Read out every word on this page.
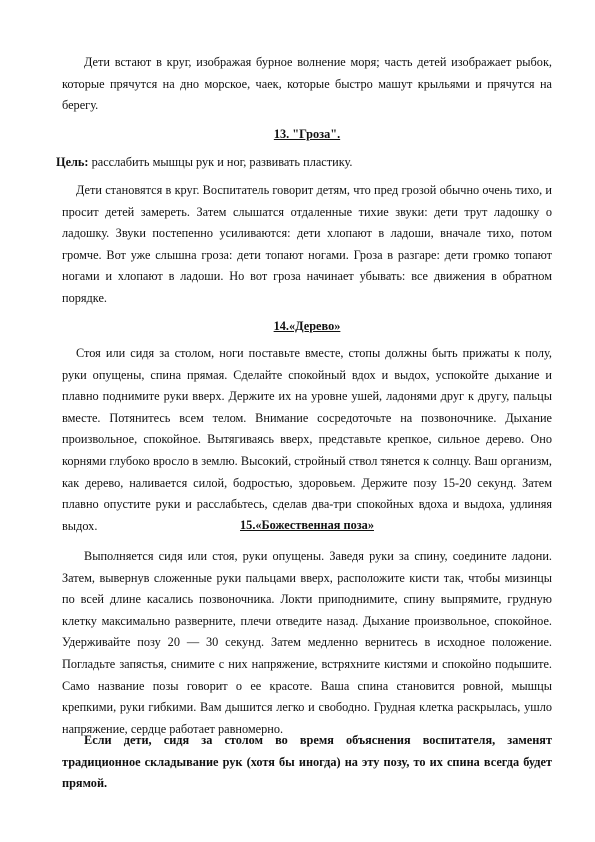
Дети встают в круг, изображая бурное волнение моря; часть детей изображает рыбок, которые прячутся на дно морское, чаек, которые быстро машут крыльями и прячутся на берегу.

13. "Гроза".

Цель: расслабить мышцы рук и ног, развивать пластику.

Дети становятся в круг. Воспитатель говорит детям, что пред грозой обычно очень тихо, и просит детей замереть. Затем слышатся отдаленные тихие звуки: дети трут ладошку о ладошку. Звуки постепенно усиливаются: дети хлопают в ладоши, вначале тихо, потом громче. Вот уже слышна гроза: дети топают ногами. Гроза в разгаре: дети громко топают ногами и хлопают в ладоши. Но вот гроза начинает убывать: все движения в обратном порядке.

14.«Дерево»

Стоя или сидя за столом, ноги поставьте вместе, стопы должны быть прижаты к полу, руки опущены, спина прямая. Сделайте спокойный вдох и выдох, успокойте дыхание и плавно поднимите руки вверх. Держите их на уровне ушей, ладонями друг к другу, пальцы вместе. Потянитесь всем телом. Внимание сосредоточьте на позвоночнике. Дыхание произвольное, спокойное. Вытягиваясь вверх, представьте крепкое, сильное дерево. Оно корнями глубоко вросло в землю. Высокий, стройный ствол тянется к солнцу. Ваш организм, как дерево, наливается силой, бодростью, здоровьем. Держите позу 15-20 секунд. Затем плавно опустите руки и расслабьтесь, сделав два-три спокойных вдоха и выдоха, удлиняя выдох.	15.«Божественная поза»

Выполняется сидя или стоя, руки опущены. Заведя руки за спину, соедините ладони. Затем, вывернув сложенные руки пальцами вверх, расположите кисти так, чтобы мизинцы по всей длине касались позвоночника. Локти приподнимите, спину выпрямите, грудную клетку максимально разверните, плечи отведите назад. Дыхание произвольное, спокойное. Удерживайте позу 20 — 30 секунд. Затем медленно вернитесь в исходное положение. Погладьте запястья, снимите с них напряжение, встряхните кистями и спокойно подышите. Само название позы говорит о ее красоте. Ваша спина становится ровной, мышцы крепкими, руки гибкими. Вам дышится легко и свободно. Грудная клетка раскрылась, ушло напряжение, сердце работает равномерно.

Если дети, сидя за столом во время объяснения воспитателя, заменят традиционное складывание рук (хотя бы иногда) на эту позу, то их спина всегда будет прямой.
